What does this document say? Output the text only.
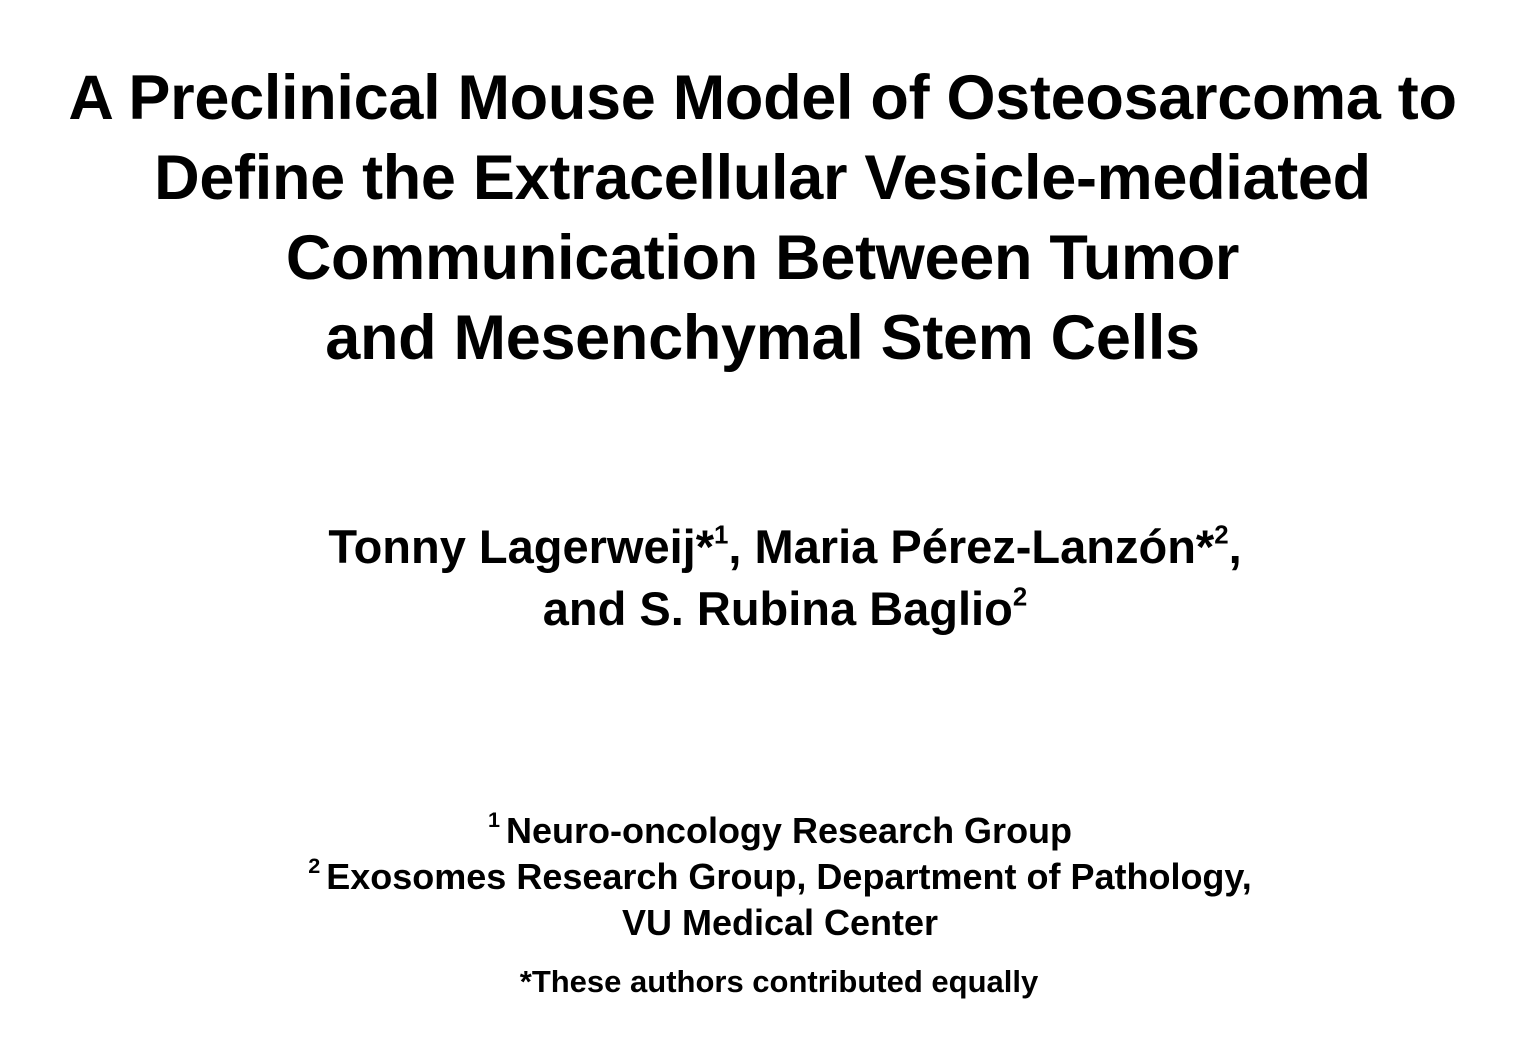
A Preclinical Mouse Model of Osteosarcoma to
Define the Extracellular Vesicle-mediated
Communication Between Tumor
and Mesenchymal Stem Cells
Tonny Lagerweij*$^1$, Maria Pérez-Lanzón*$^2$,
and S. Rubina Baglio$^2$
$^1$ Neuro-oncology Research Group
$^2$ Exosomes Research Group, Department of Pathology,
VU Medical Center
*These authors contributed equally
